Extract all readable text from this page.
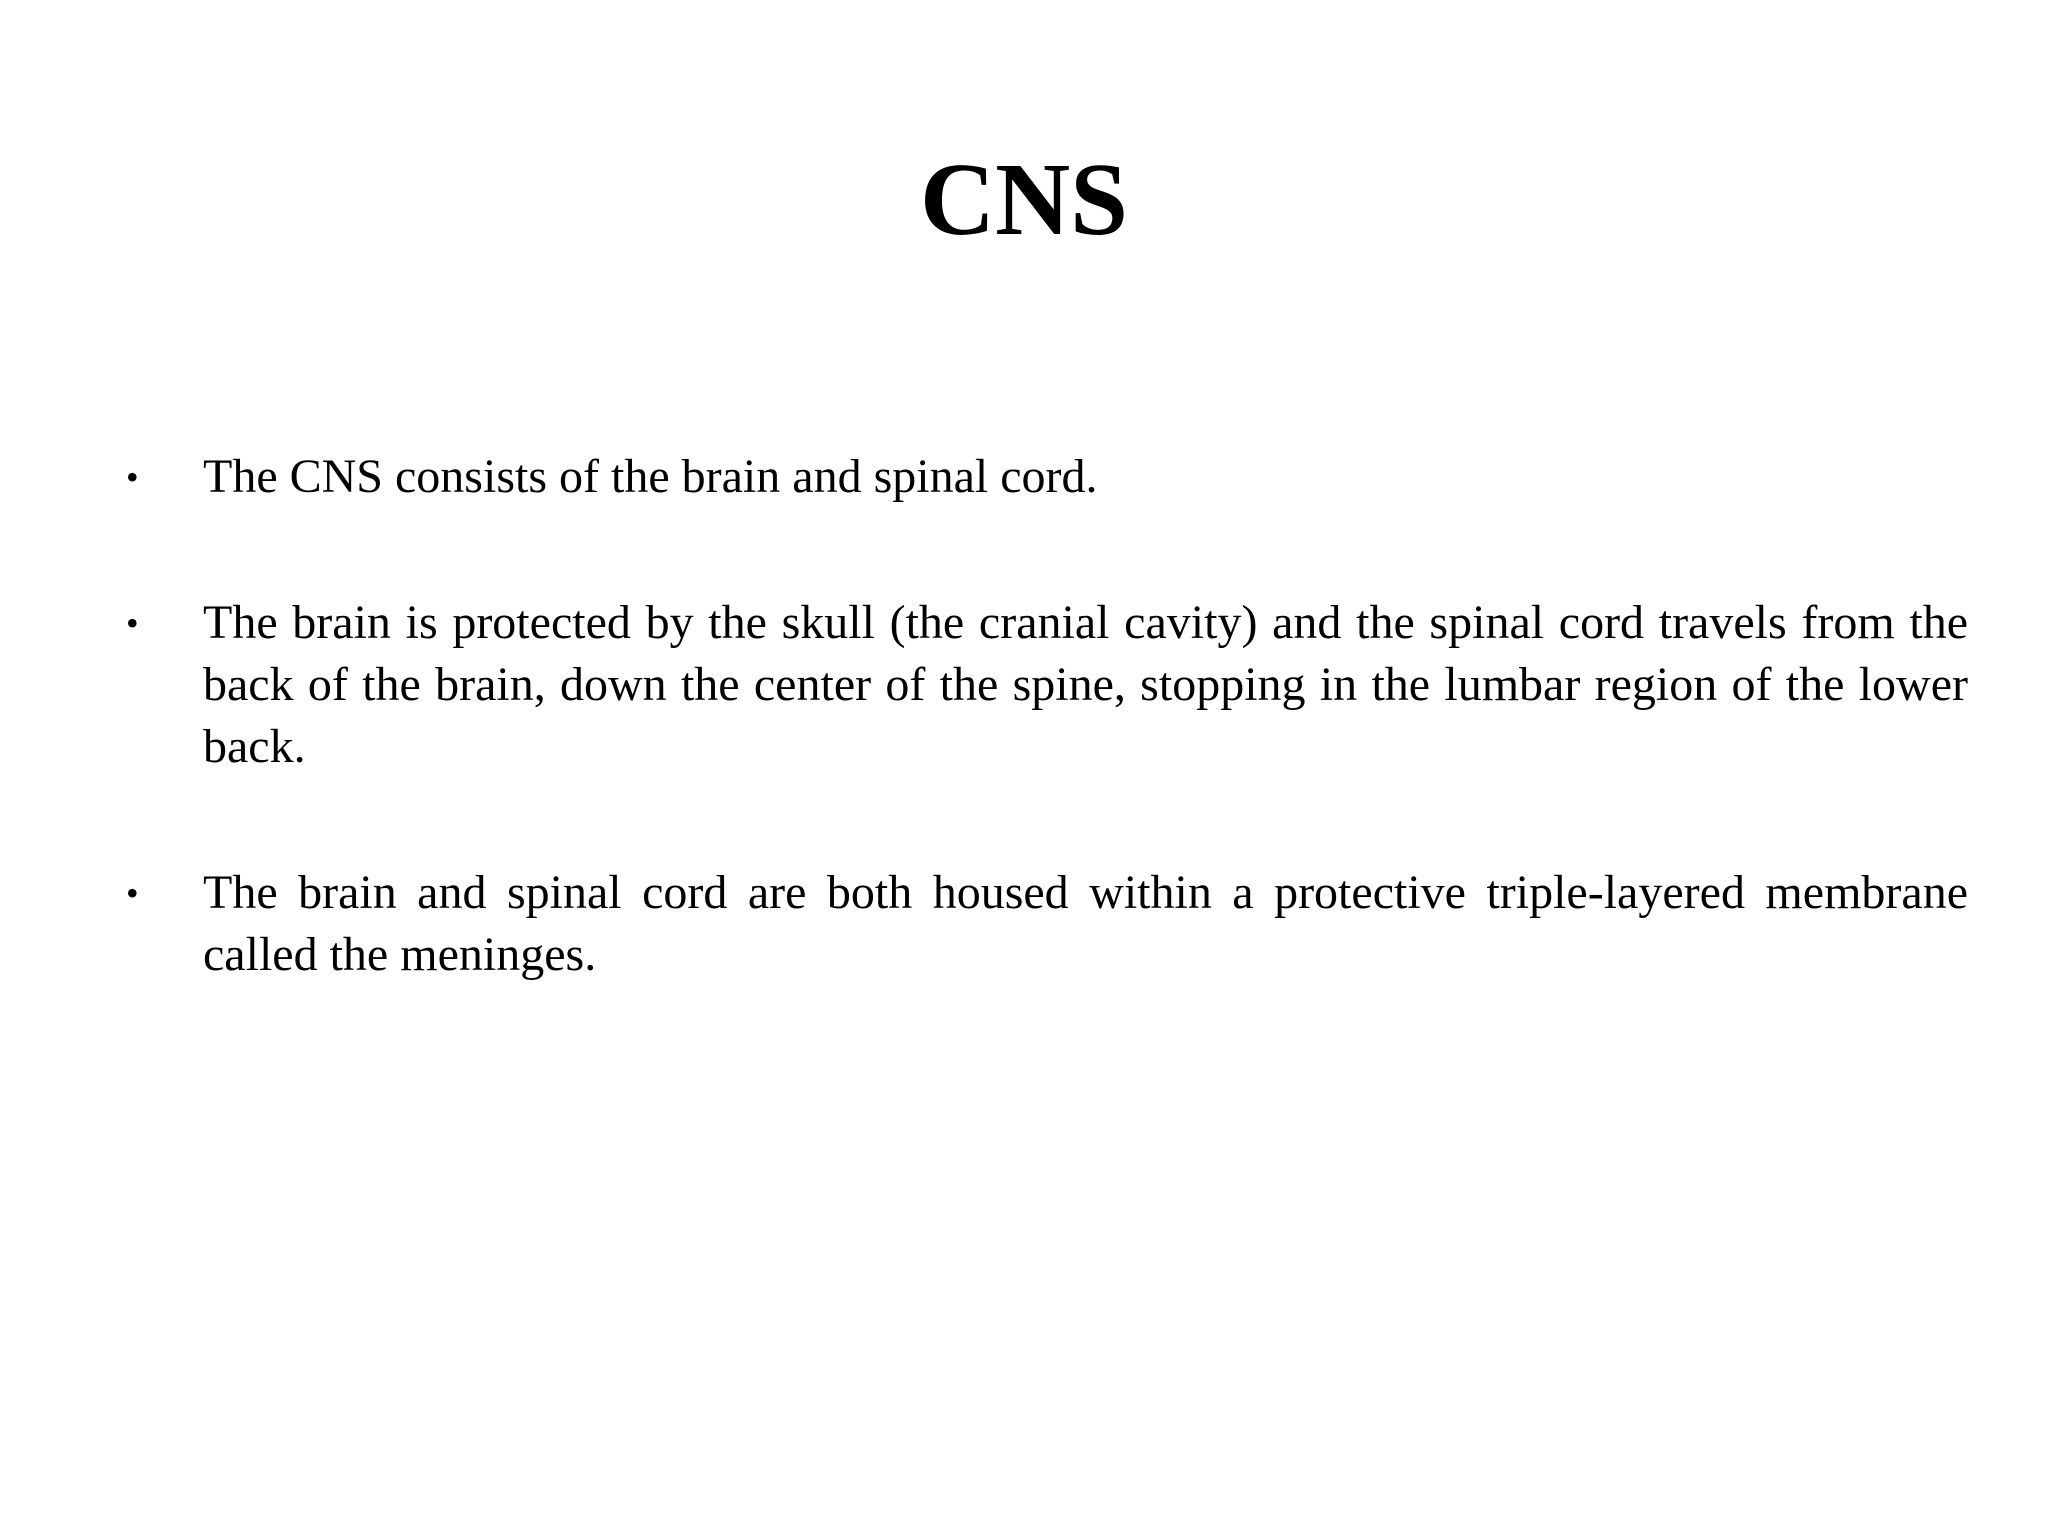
CNS
• The CNS consists of the brain and spinal cord.
• The brain is protected by the skull (the cranial cavity) and the spinal cord travels from the back of the brain, down the center of the spine, stopping in the lumbar region of the lower back.
• The brain and spinal cord are both housed within a protective triple-layered membrane called the meninges.
